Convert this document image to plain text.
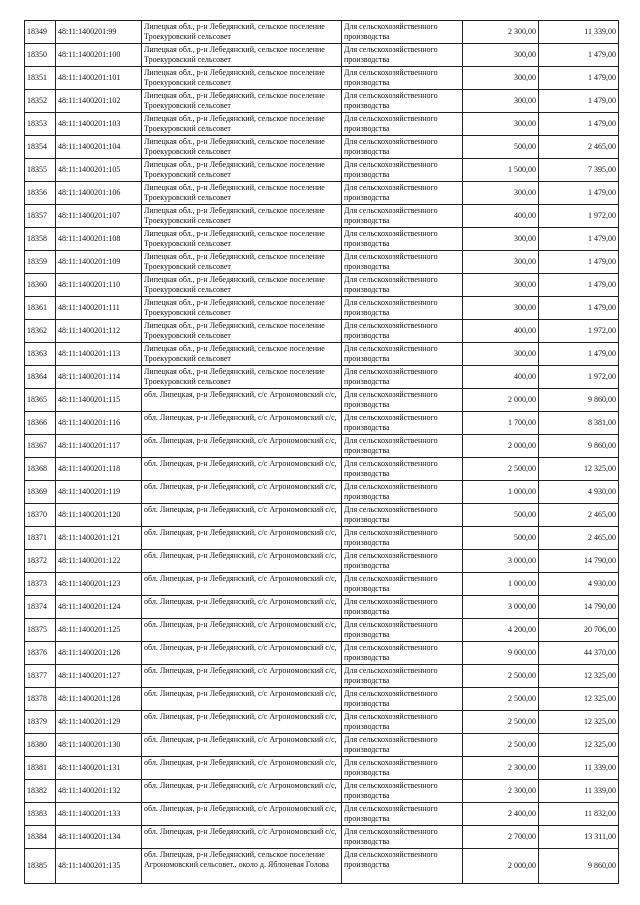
18349	48:11:1400201:99	Липецкая обл., р-н Лебедянский, сельское поселение Троекуровский сельсовет	Для сельскохозяйственного производства	2 300,00	11 339,00
18350	48:11:1400201:100	Липецкая обл., р-н Лебедянский, сельское поселение Троекуровский сельсовет	Для сельскохозяйственного производства	300,00	1 479,00
18351	48:11:1400201:101	Липецкая обл., р-н Лебедянский, сельское поселение Троекуровский сельсовет	Для сельскохозяйственного производства	300,00	1 479,00
18352	48:11:1400201:102	Липецкая обл., р-н Лебедянский, сельское поселение Троекуровский сельсовет	Для сельскохозяйственного производства	300,00	1 479,00
18353	48:11:1400201:103	Липецкая обл., р-н Лебедянский, сельское поселение Троекуровский сельсовет	Для сельскохозяйственного производства	300,00	1 479,00
18354	48:11:1400201:104	Липецкая обл., р-н Лебедянский, сельское поселение Троекуровский сельсовет	Для сельскохозяйственного производства	500,00	2 465,00
18355	48:11:1400201:105	Липецкая обл., р-н Лебедянский, сельское поселение Троекуровский сельсовет	Для сельскохозяйственного производства	1 500,00	7 395,00
18356	48:11:1400201:106	Липецкая обл., р-н Лебедянский, сельское поселение Троекуровский сельсовет	Для сельскохозяйственного производства	300,00	1 479,00
18357	48:11:1400201:107	Липецкая обл., р-н Лебедянский, сельское поселение Троекуровский сельсовет	Для сельскохозяйственного производства	400,00	1 972,00
18358	48:11:1400201:108	Липецкая обл., р-н Лебедянский, сельское поселение Троекуровский сельсовет	Для сельскохозяйственного производства	300,00	1 479,00
18359	48:11:1400201:109	Липецкая обл., р-н Лебедянский, сельское поселение Троекуровский сельсовет	Для сельскохозяйственного производства	300,00	1 479,00
18360	48:11:1400201:110	Липецкая обл., р-н Лебедянский, сельское поселение Троекуровский сельсовет	Для сельскохозяйственного производства	300,00	1 479,00
18361	48:11:1400201:111	Липецкая обл., р-н Лебедянский, сельское поселение Троекуровский сельсовет	Для сельскохозяйственного производства	300,00	1 479,00
18362	48:11:1400201:112	Липецкая обл., р-н Лебедянский, сельское поселение Троекуровский сельсовет	Для сельскохозяйственного производства	400,00	1 972,00
18363	48:11:1400201:113	Липецкая обл., р-н Лебедянский, сельское поселение Троекуровский сельсовет	Для сельскохозяйственного производства	300,00	1 479,00
18364	48:11:1400201:114	Липецкая обл., р-н Лебедянский, сельское поселение Троекуровский сельсовет	Для сельскохозяйственного производства	400,00	1 972,00
18365	48:11:1400201:115	обл. Липецкая, р-н Лебедянский, с/с Агрономовский с/с,	Для сельскохозяйственного производства	2 000,00	9 860,00
18366	48:11:1400201:116	обл. Липецкая, р-н Лебедянский, с/с Агрономовский с/с,	Для сельскохозяйственного производства	1 700,00	8 381,00
18367	48:11:1400201:117	обл. Липецкая, р-н Лебедянский, с/с Агрономовский с/с,	Для сельскохозяйственного производства	2 000,00	9 860,00
18368	48:11:1400201:118	обл. Липецкая, р-н Лебедянский, с/с Агрономовский с/с,	Для сельскохозяйственного производства	2 500,00	12 325,00
18369	48:11:1400201:119	обл. Липецкая, р-н Лебедянский, с/с Агрономовский с/с,	Для сельскохозяйственного производства	1 000,00	4 930,00
18370	48:11:1400201:120	обл. Липецкая, р-н Лебедянский, с/с Агрономовский с/с,	Для сельскохозяйственного производства	500,00	2 465,00
18371	48:11:1400201:121	обл. Липецкая, р-н Лебедянский, с/с Агрономовский с/с,	Для сельскохозяйственного производства	500,00	2 465,00
18372	48:11:1400201:122	обл. Липецкая, р-н Лебедянский, с/с Агрономовский с/с,	Для сельскохозяйственного производства	3 000,00	14 790,00
18373	48:11:1400201:123	обл. Липецкая, р-н Лебедянский, с/с Агрономовский с/с,	Для сельскохозяйственного производства	1 000,00	4 930,00
18374	48:11:1400201:124	обл. Липецкая, р-н Лебедянский, с/с Агрономовский с/с,	Для сельскохозяйственного производства	3 000,00	14 790,00
18375	48:11:1400201:125	обл. Липецкая, р-н Лебедянский, с/с Агрономовский с/с,	Для сельскохозяйственного производства	4 200,00	20 706,00
18376	48:11:1400201:126	обл. Липецкая, р-н Лебедянский, с/с Агрономовский с/с,	Для сельскохозяйственного производства	9 000,00	44 370,00
18377	48:11:1400201:127	обл. Липецкая, р-н Лебедянский, с/с Агрономовский с/с,	Для сельскохозяйственного производства	2 500,00	12 325,00
18378	48:11:1400201:128	обл. Липецкая, р-н Лебедянский, с/с Агрономовский с/с,	Для сельскохозяйственного производства	2 500,00	12 325,00
18379	48:11:1400201:129	обл. Липецкая, р-н Лебедянский, с/с Агрономовский с/с,	Для сельскохозяйственного производства	2 500,00	12 325,00
18380	48:11:1400201:130	обл. Липецкая, р-н Лебедянский, с/с Агрономовский с/с,	Для сельскохозяйственного производства	2 500,00	12 325,00
18381	48:11:1400201:131	обл. Липецкая, р-н Лебедянский, с/с Агрономовский с/с,	Для сельскохозяйственного производства	2 300,00	11 339,00
18382	48:11:1400201:132	обл. Липецкая, р-н Лебедянский, с/с Агрономовский с/с,	Для сельскохозяйственного производства	2 300,00	11 339,00
18383	48:11:1400201:133	обл. Липецкая, р-н Лебедянский, с/с Агрономовский с/с,	Для сельскохозяйственного производства	2 400,00	11 832,00
18384	48:11:1400201:134	обл. Липецкая, р-н Лебедянский, с/с Агрономовский с/с,	Для сельскохозяйственного производства	2 700,00	13 311,00
18385	48:11:1400201:135	обл. Липецкая, р-н Лебедянский, сельское поселение Агрономовский сельсовет., около д. Яблоневая Голова	Для сельскохозяйственного производства	2 000,00	9 860,00
